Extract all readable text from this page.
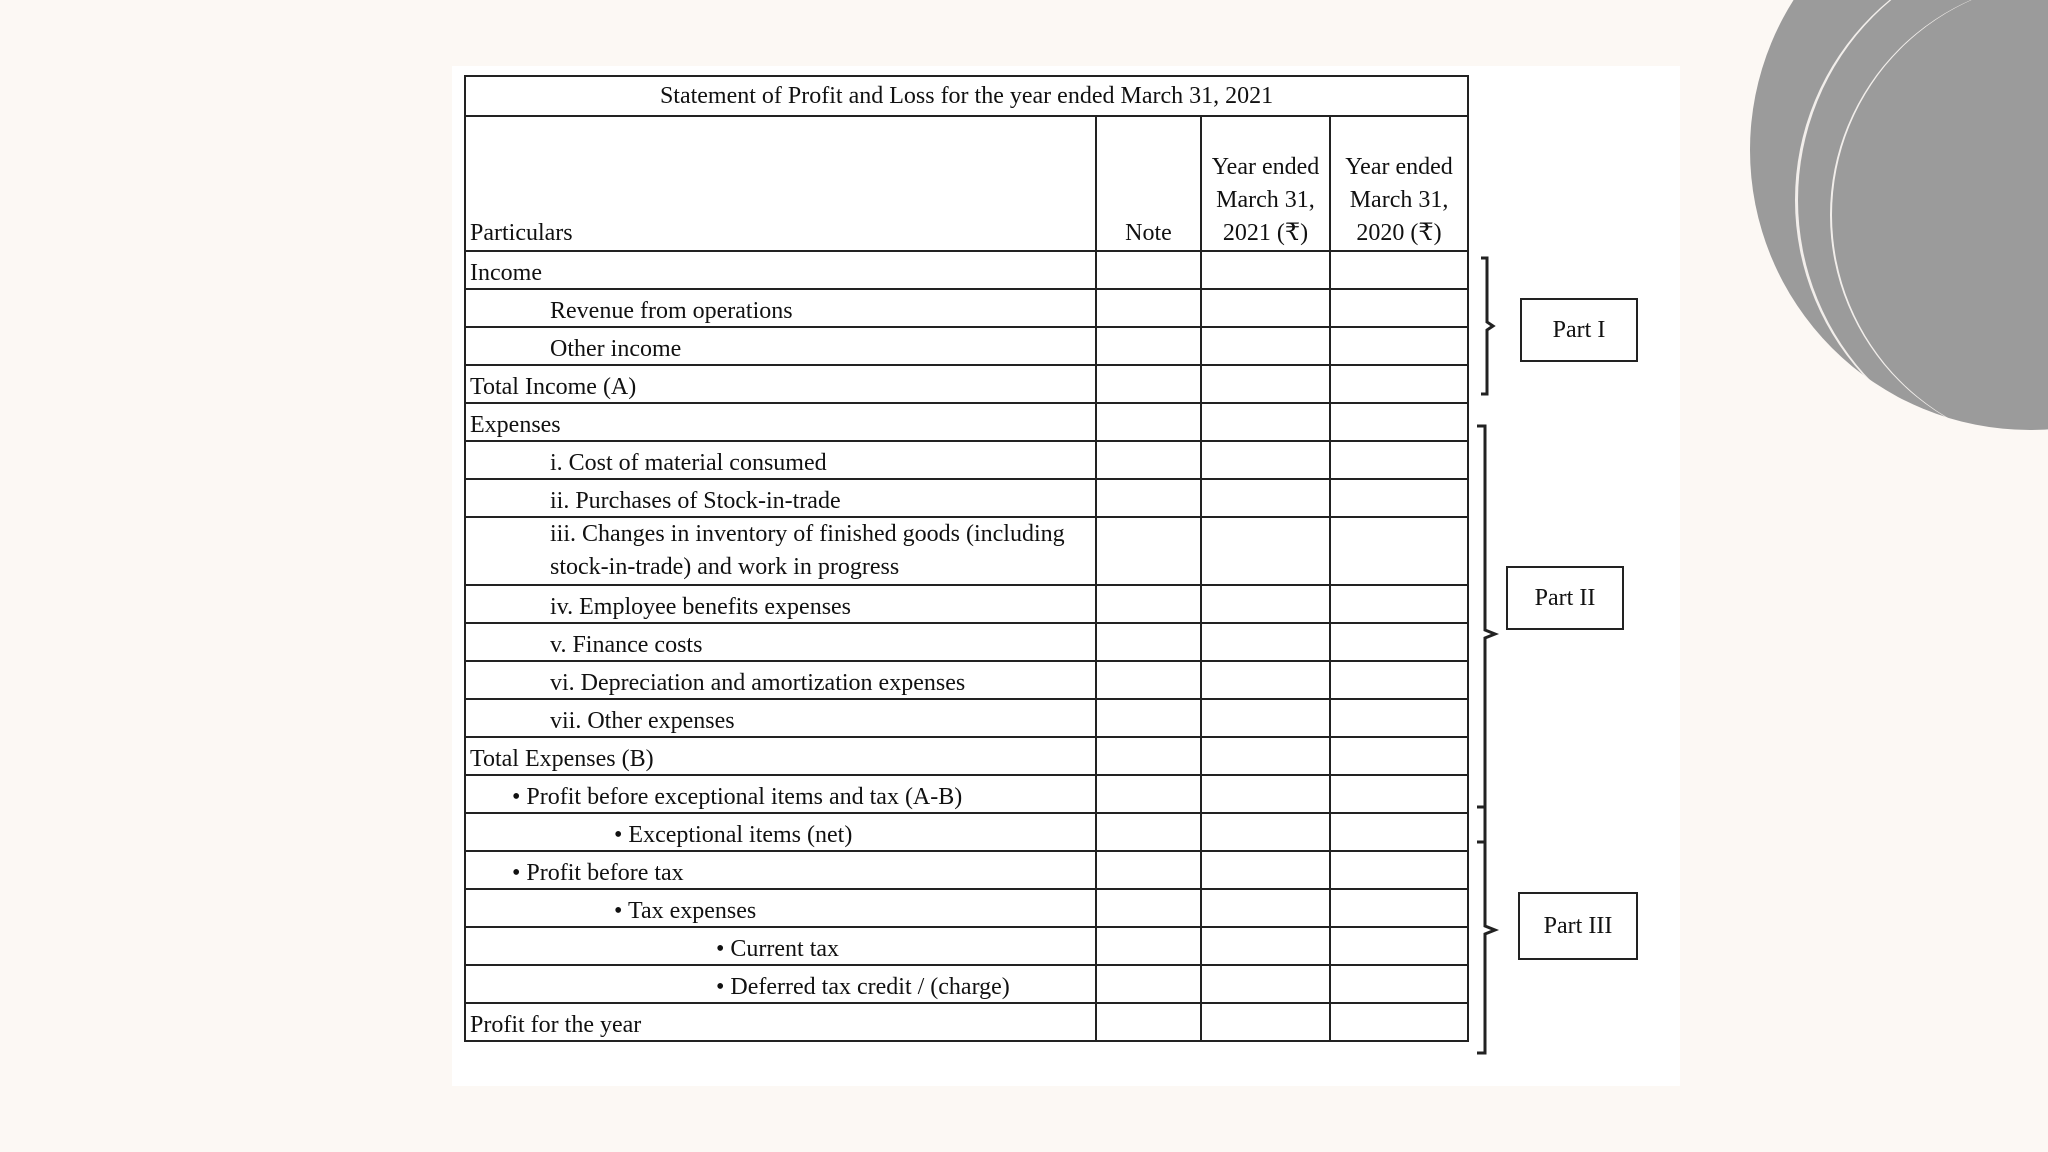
Statement of Profit and Loss for the year ended March 31, 2021			
Particulars	Note	Year ended March 31, 2021 (₹)	Year ended March 31, 2020 (₹)
Income			
Revenue from operations			
Other income			
Total Income (A)			
Expenses			
i. Cost of material consumed			
ii. Purchases of Stock-in-trade			
iii. Changes in inventory of finished goods (including stock-in-trade) and work in progress			
iv. Employee benefits expenses			
v. Finance costs			
vi. Depreciation and amortization expenses			
vii. Other expenses			
Total Expenses (B)			
• Profit before exceptional items and tax (A-B)			
• Exceptional items (net)			
• Profit before tax			
• Tax expenses			
• Current tax			
• Deferred tax credit / (charge)			
Profit for the year			
Part I
Part II
Part III
